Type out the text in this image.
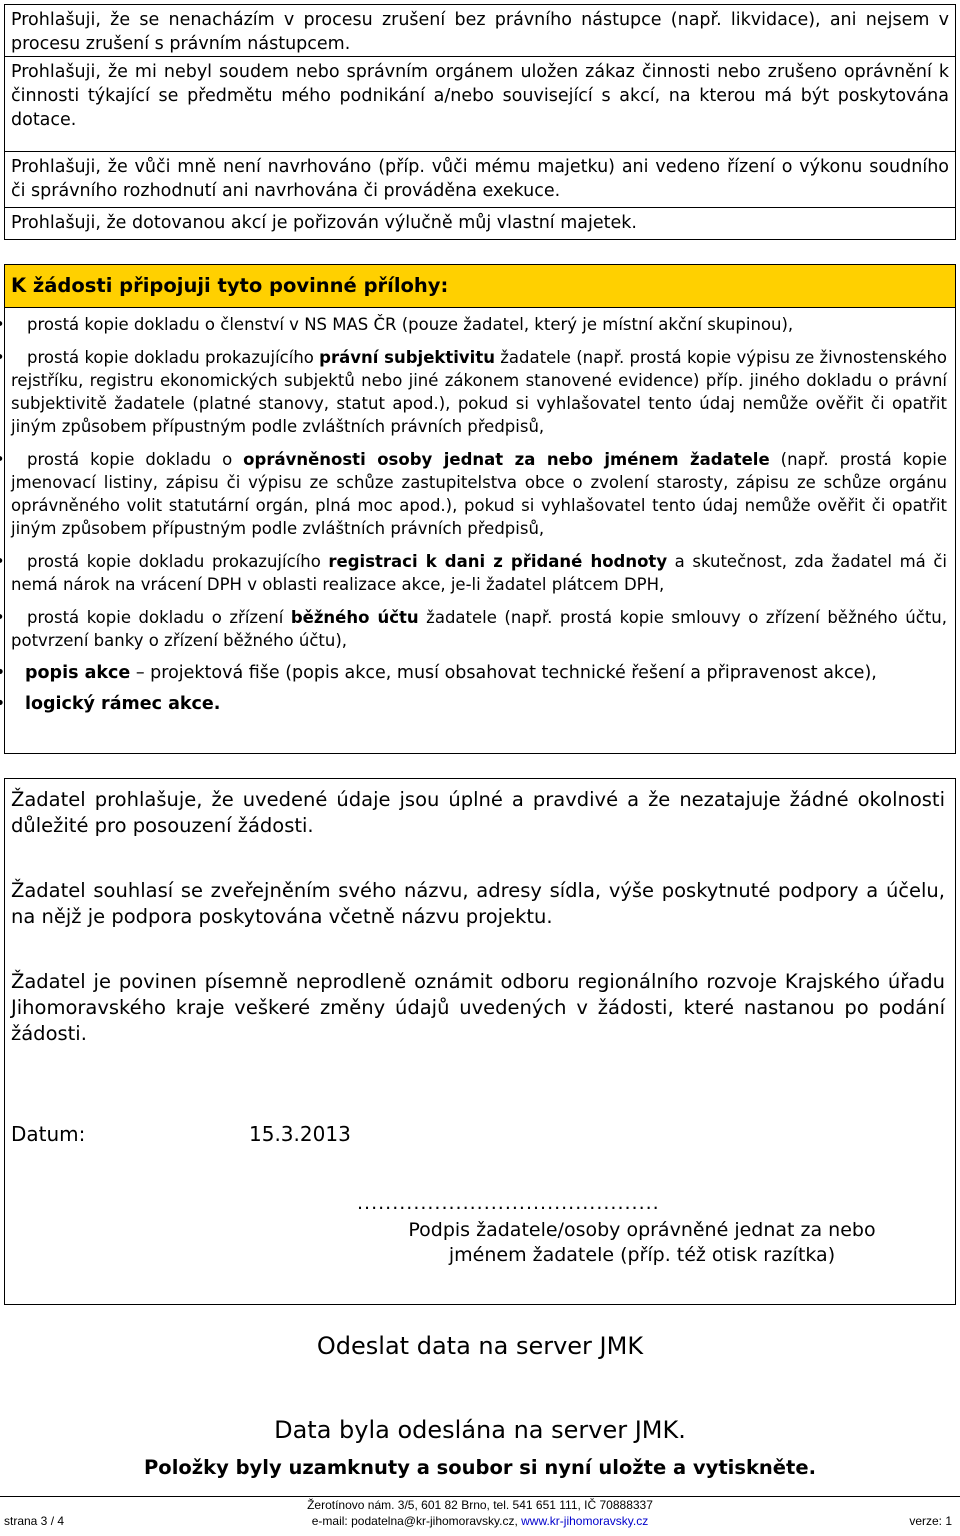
Prohlašuji, že se nenacházím v procesu zrušení bez právního nástupce (např. likvidace), ani nejsem v procesu zrušení s právním nástupcem.

Prohlašuji, že mi nebyl soudem nebo správním orgánem uložen zákaz činnosti nebo zrušeno oprávnění k činnosti týkající se předmětu mého podnikání a/nebo související s akcí, na kterou má být poskytována dotace.

Prohlašuji, že vůči mně není navrhováno (příp. vůči mému majetku) ani vedeno řízení o výkonu soudního či správního rozhodnutí ani navrhována či prováděna exekuce.

Prohlašuji, že dotovanou akcí je pořizován výlučně můj vlastní majetek.

K žádosti připojuji tyto povinné přílohy:
• prostá kopie dokladu o členství v NS MAS ČR (pouze žadatel, který je místní akční skupinou),
• prostá kopie dokladu prokazujícího právní subjektivitu žadatele (např. prostá kopie výpisu ze živnostenského rejstříku, registru ekonomických subjektů nebo jiné zákonem stanovené evidence) příp. jiného dokladu o právní subjektivitě žadatele (platné stanovy, statut apod.), pokud si vyhlašovatel tento údaj nemůže ověřit či opatřit jiným způsobem přípustným podle zvláštních právních předpisů,
• prostá kopie dokladu o oprávněnosti osoby jednat za nebo jménem žadatele (např. prostá kopie jmenovací listiny, zápisu či výpisu ze schůze zastupitelstva obce o zvolení starosty, zápisu ze schůze orgánu oprávněného volit statutární orgán, plná moc apod.), pokud si vyhlašovatel tento údaj nemůže ověřit či opatřit jiným způsobem přípustným podle zvláštních právních předpisů,
• prostá kopie dokladu prokazujícího registraci k dani z přidané hodnoty a skutečnost, zda žadatel má či nemá nárok na vrácení DPH v oblasti realizace akce, je-li žadatel plátcem DPH,
• prostá kopie dokladu o zřízení běžného účtu žadatele (např. prostá kopie smlouvy o zřízení běžného účtu, potvrzení banky o zřízení běžného účtu),
• popis akce – projektová fiše (popis akce, musí obsahovat technické řešení a připravenost akce),
• logický rámec akce.

Žadatel prohlašuje, že uvedené údaje jsou úplné a pravdivé a že nezatajuje žádné okolnosti důležité pro posouzení žádosti.

Žadatel souhlasí se zveřejněním svého názvu, adresy sídla, výše poskytnuté podpory a účelu, na nějž je podpora poskytována včetně názvu projektu.

Žadatel je povinen písemně neprodleně oznámit odboru regionálního rozvoje Krajského úřadu Jihomoravského kraje veškeré změny údajů uvedených v žádosti, které nastanou po podání žádosti.

Datum:	15.3.2013
...........................................
Podpis žadatele/osoby oprávněné jednat za nebo
jménem žadatele (příp. též otisk razítka)
Odeslat data na server JMK
Data byla odeslána na server JMK.
Položky byly uzamknuty a soubor si nyní uložte a vytiskněte.
strana 3 / 4
Žerotínovo nám. 3/5, 601 82 Brno, tel. 541 651 111, IČ 70888337
e-mail: podatelna@kr-jihomoravsky.cz, www.kr-jihomoravsky.cz	verze: 1
